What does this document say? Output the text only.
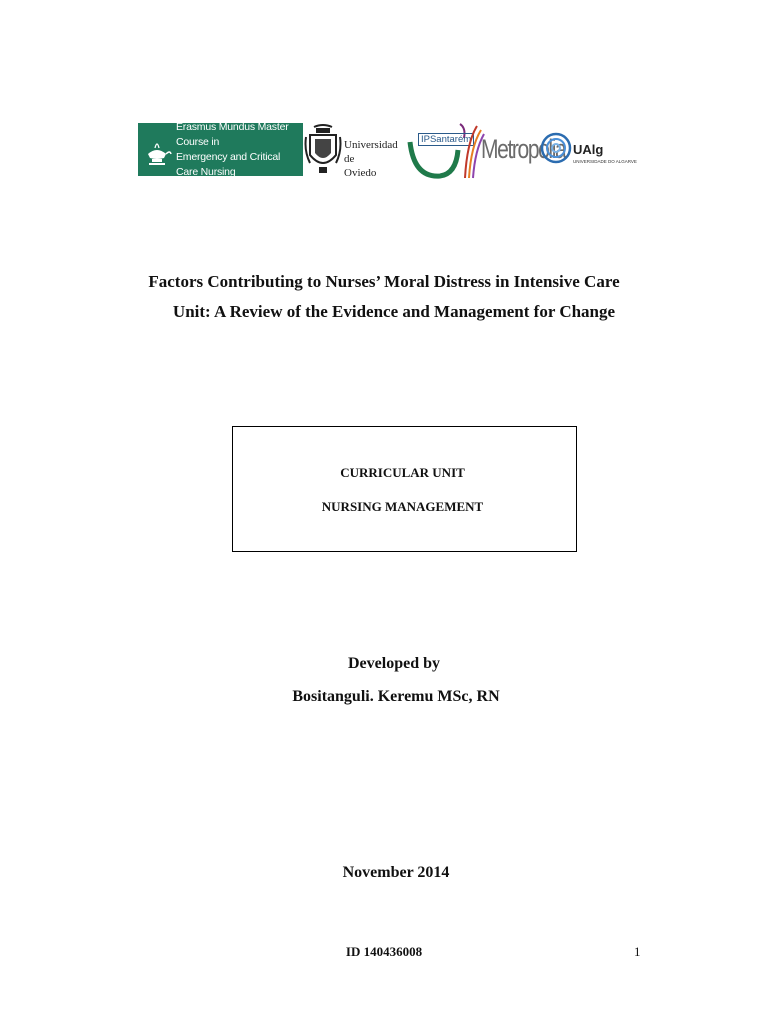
Erasmus Mundus Master Course in
Emergency and Critical Care Nursing
Universidad de
Oviedo
IPSantarém Metropolia UAlg
UNIVERSIDADE DO ALGARVE
Factors Contributing to Nurses’ Moral Distress in Intensive Care
Unit: A Review of the Evidence and Management for Change
CURRICULAR UNIT
NURSING MANAGEMENT
Developed by
Bositanguli. Keremu MSc, RN
November 2014
ID 140436008	1
